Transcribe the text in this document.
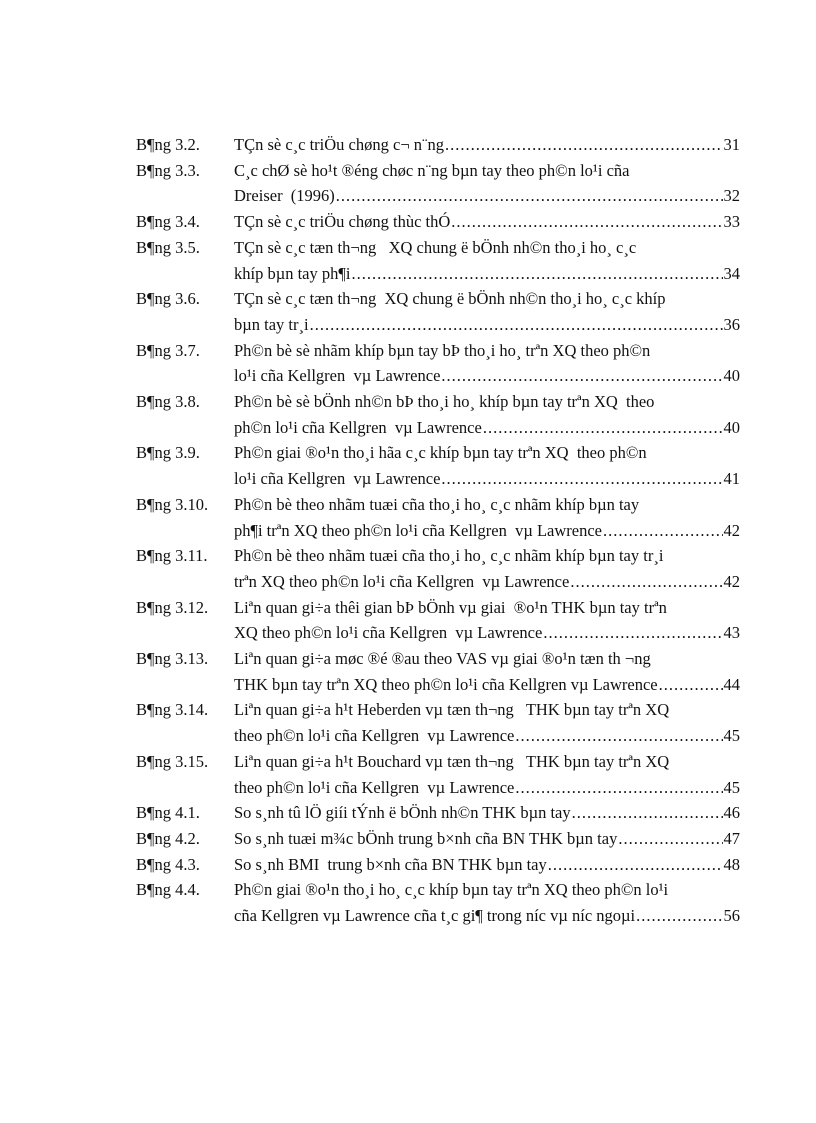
B¶ng 3.2.	TÇn sè c¸c triÖu chøng c¬ n¨ng .....	31
B¶ng 3.3.	C¸c chØ sè ho¹t ®éng chøc n¨ng bµn tay theo ph©n lo¹i cña
Dreiser  (1996) .....	32
B¶ng 3.4.	TÇn sè c¸c triÖu chøng thùc thÓ .....	33
B¶ng 3.5.	TÇn sè c¸c tæn th¬ng   XQ chung ë bÖnh nh©n tho¸i ho¸ c¸c
khíp bµn tay ph¶i .....	34
B¶ng 3.6.	TÇn sè c¸c tæn th¬ng  XQ chung ë bÖnh nh©n tho¸i ho¸ c¸c khíp
bµn tay tr¸i .....	36
B¶ng 3.7.	Ph©n bè sè nhãm khíp bµn tay bÞ tho¸i ho¸ trªn XQ theo ph©n
lo¹i cña Kellgren  vµ Lawrence .....	40
B¶ng 3.8.	Ph©n bè sè bÖnh nh©n bÞ tho¸i ho¸ khíp bµn tay trªn XQ  theo
ph©n lo¹i cña Kellgren  vµ Lawrence .....	40
B¶ng 3.9.	Ph©n giai ®o¹n tho¸i hãa c¸c khíp bµn tay trªn XQ  theo ph©n
lo¹i cña Kellgren  vµ Lawrence .....	41
B¶ng 3.10.	Ph©n bè theo nhãm tuæi cña tho¸i ho¸ c¸c nhãm khíp bµn tay
ph¶i trªn XQ theo ph©n lo¹i cña Kellgren  vµ Lawrence .....	42
B¶ng 3.11.	Ph©n bè theo nhãm tuæi cña tho¸i ho¸ c¸c nhãm khíp bµn tay tr¸i
trªn XQ theo ph©n lo¹i cña Kellgren  vµ Lawrence .....	42
B¶ng 3.12.	Liªn quan gi÷a thêi gian bÞ bÖnh vµ giai  ®o¹n THK bµn tay trªn
XQ theo ph©n lo¹i cña Kellgren  vµ Lawrence .....	43
B¶ng 3.13.	Liªn quan gi÷a møc ®é ®au theo VAS vµ giai ®o¹n tæn th ¬ng
THK bµn tay trªn XQ theo ph©n lo¹i cña Kellgren vµ Lawrence .....	44
B¶ng 3.14.	Liªn quan gi÷a h¹t Heberden vµ tæn th¬ng   THK bµn tay trªn XQ
theo ph©n lo¹i cña Kellgren  vµ Lawrence .....	45
B¶ng 3.15.	Liªn quan gi÷a h¹t Bouchard vµ tæn th¬ng   THK bµn tay trªn XQ
theo ph©n lo¹i cña Kellgren  vµ Lawrence .....	45
B¶ng 4.1.	So s¸nh tû lÖ giíi tÝnh ë bÖnh nh©n THK bµn tay .....	46
B¶ng 4.2.	So s¸nh tuæi m¾c bÖnh trung b×nh cña BN THK bµn tay .....	47
B¶ng 4.3.	So s¸nh BMI  trung b×nh cña BN THK bµn tay .....	48
B¶ng 4.4.	Ph©n giai ®o¹n tho¸i ho¸ c¸c khíp bµn tay trªn XQ theo ph©n lo¹i
cña Kellgren vµ Lawrence cña t¸c gi¶ trong níc vµ níc ngoµi .....	56
